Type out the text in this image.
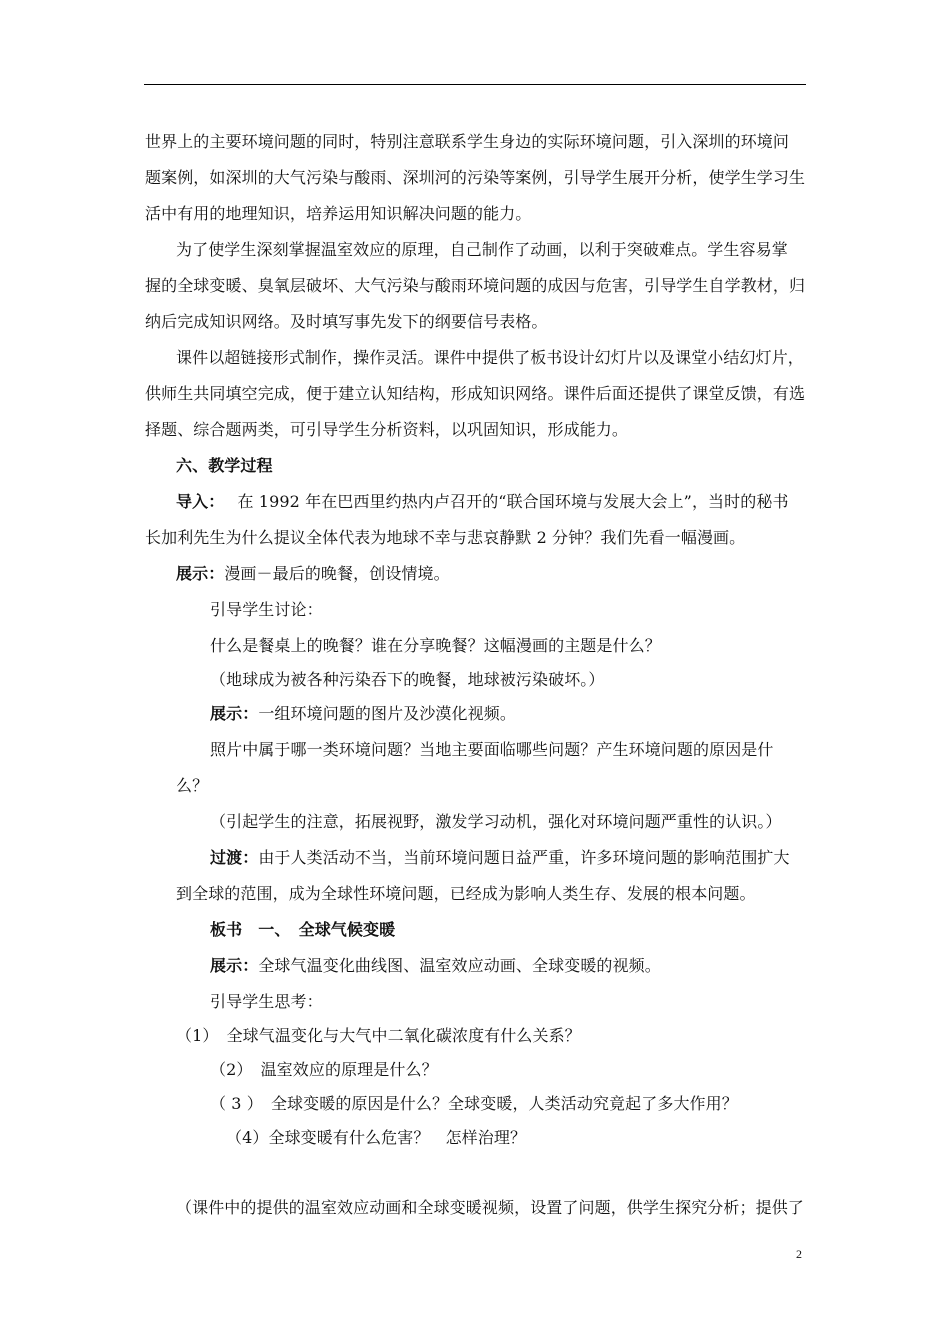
世界上的主要环境问题的同时，特别注意联系学生身边的实际环境问题，引入深圳的环境问
题案例，如深圳的大气污染与酸雨、深圳河的污染等案例，引导学生展开分析，使学生学习生
活中有用的地理知识，培养运用知识解决问题的能力。
为了使学生深刻掌握温室效应的原理，自己制作了动画，以利于突破难点。学生容易掌
握的全球变暖、臭氧层破坏、大气污染与酸雨环境问题的成因与危害，引导学生自学教材，归
纳后完成知识网络。及时填写事先发下的纲要信号表格。
课件以超链接形式制作，操作灵活。课件中提供了板书设计幻灯片以及课堂小结幻灯片，
供师生共同填空完成，便于建立认知结构，形成知识网络。课件后面还提供了课堂反馈，有选
择题、综合题两类，可引导学生分析资料，以巩固知识，形成能力。
六、教学过程
导入： 在 1992 年在巴西里约热内卢召开的“联合国环境与发展大会上”，当时的秘书
长加利先生为什么提议全体代表为地球不幸与悲哀静默 2 分钟？我们先看一幅漫画。
展示：漫画－最后的晚餐，创设情境。
引导学生讨论：
什么是餐桌上的晚餐？谁在分享晚餐？这幅漫画的主题是什么？
（地球成为被各种污染吞下的晚餐，地球被污染破坏。）
展示：一组环境问题的图片及沙漠化视频。
照片中属于哪一类环境问题？当地主要面临哪些问题？产生环境问题的原因是什
么？
（引起学生的注意，拓展视野，激发学习动机，强化对环境问题严重性的认识。）
过渡：由于人类活动不当，当前环境问题日益严重，许多环境问题的影响范围扩大
到全球的范围，成为全球性环境问题，已经成为影响人类生存、发展的根本问题。
板书　一、　全球气候变暖
展示：全球气温变化曲线图、温室效应动画、全球变暖的视频。
引导学生思考：
（1）　全球气温变化与大气中二氧化碳浓度有什么关系？
（2）　温室效应的原理是什么？
（ 3 ）　全球变暖的原因是什么？全球变暖，人类活动究竟起了多大作用？
（4）全球变暖有什么危害？　怎样治理？
（课件中的提供的温室效应动画和全球变暖视频，设置了问题，供学生探究分析；提供了
2
